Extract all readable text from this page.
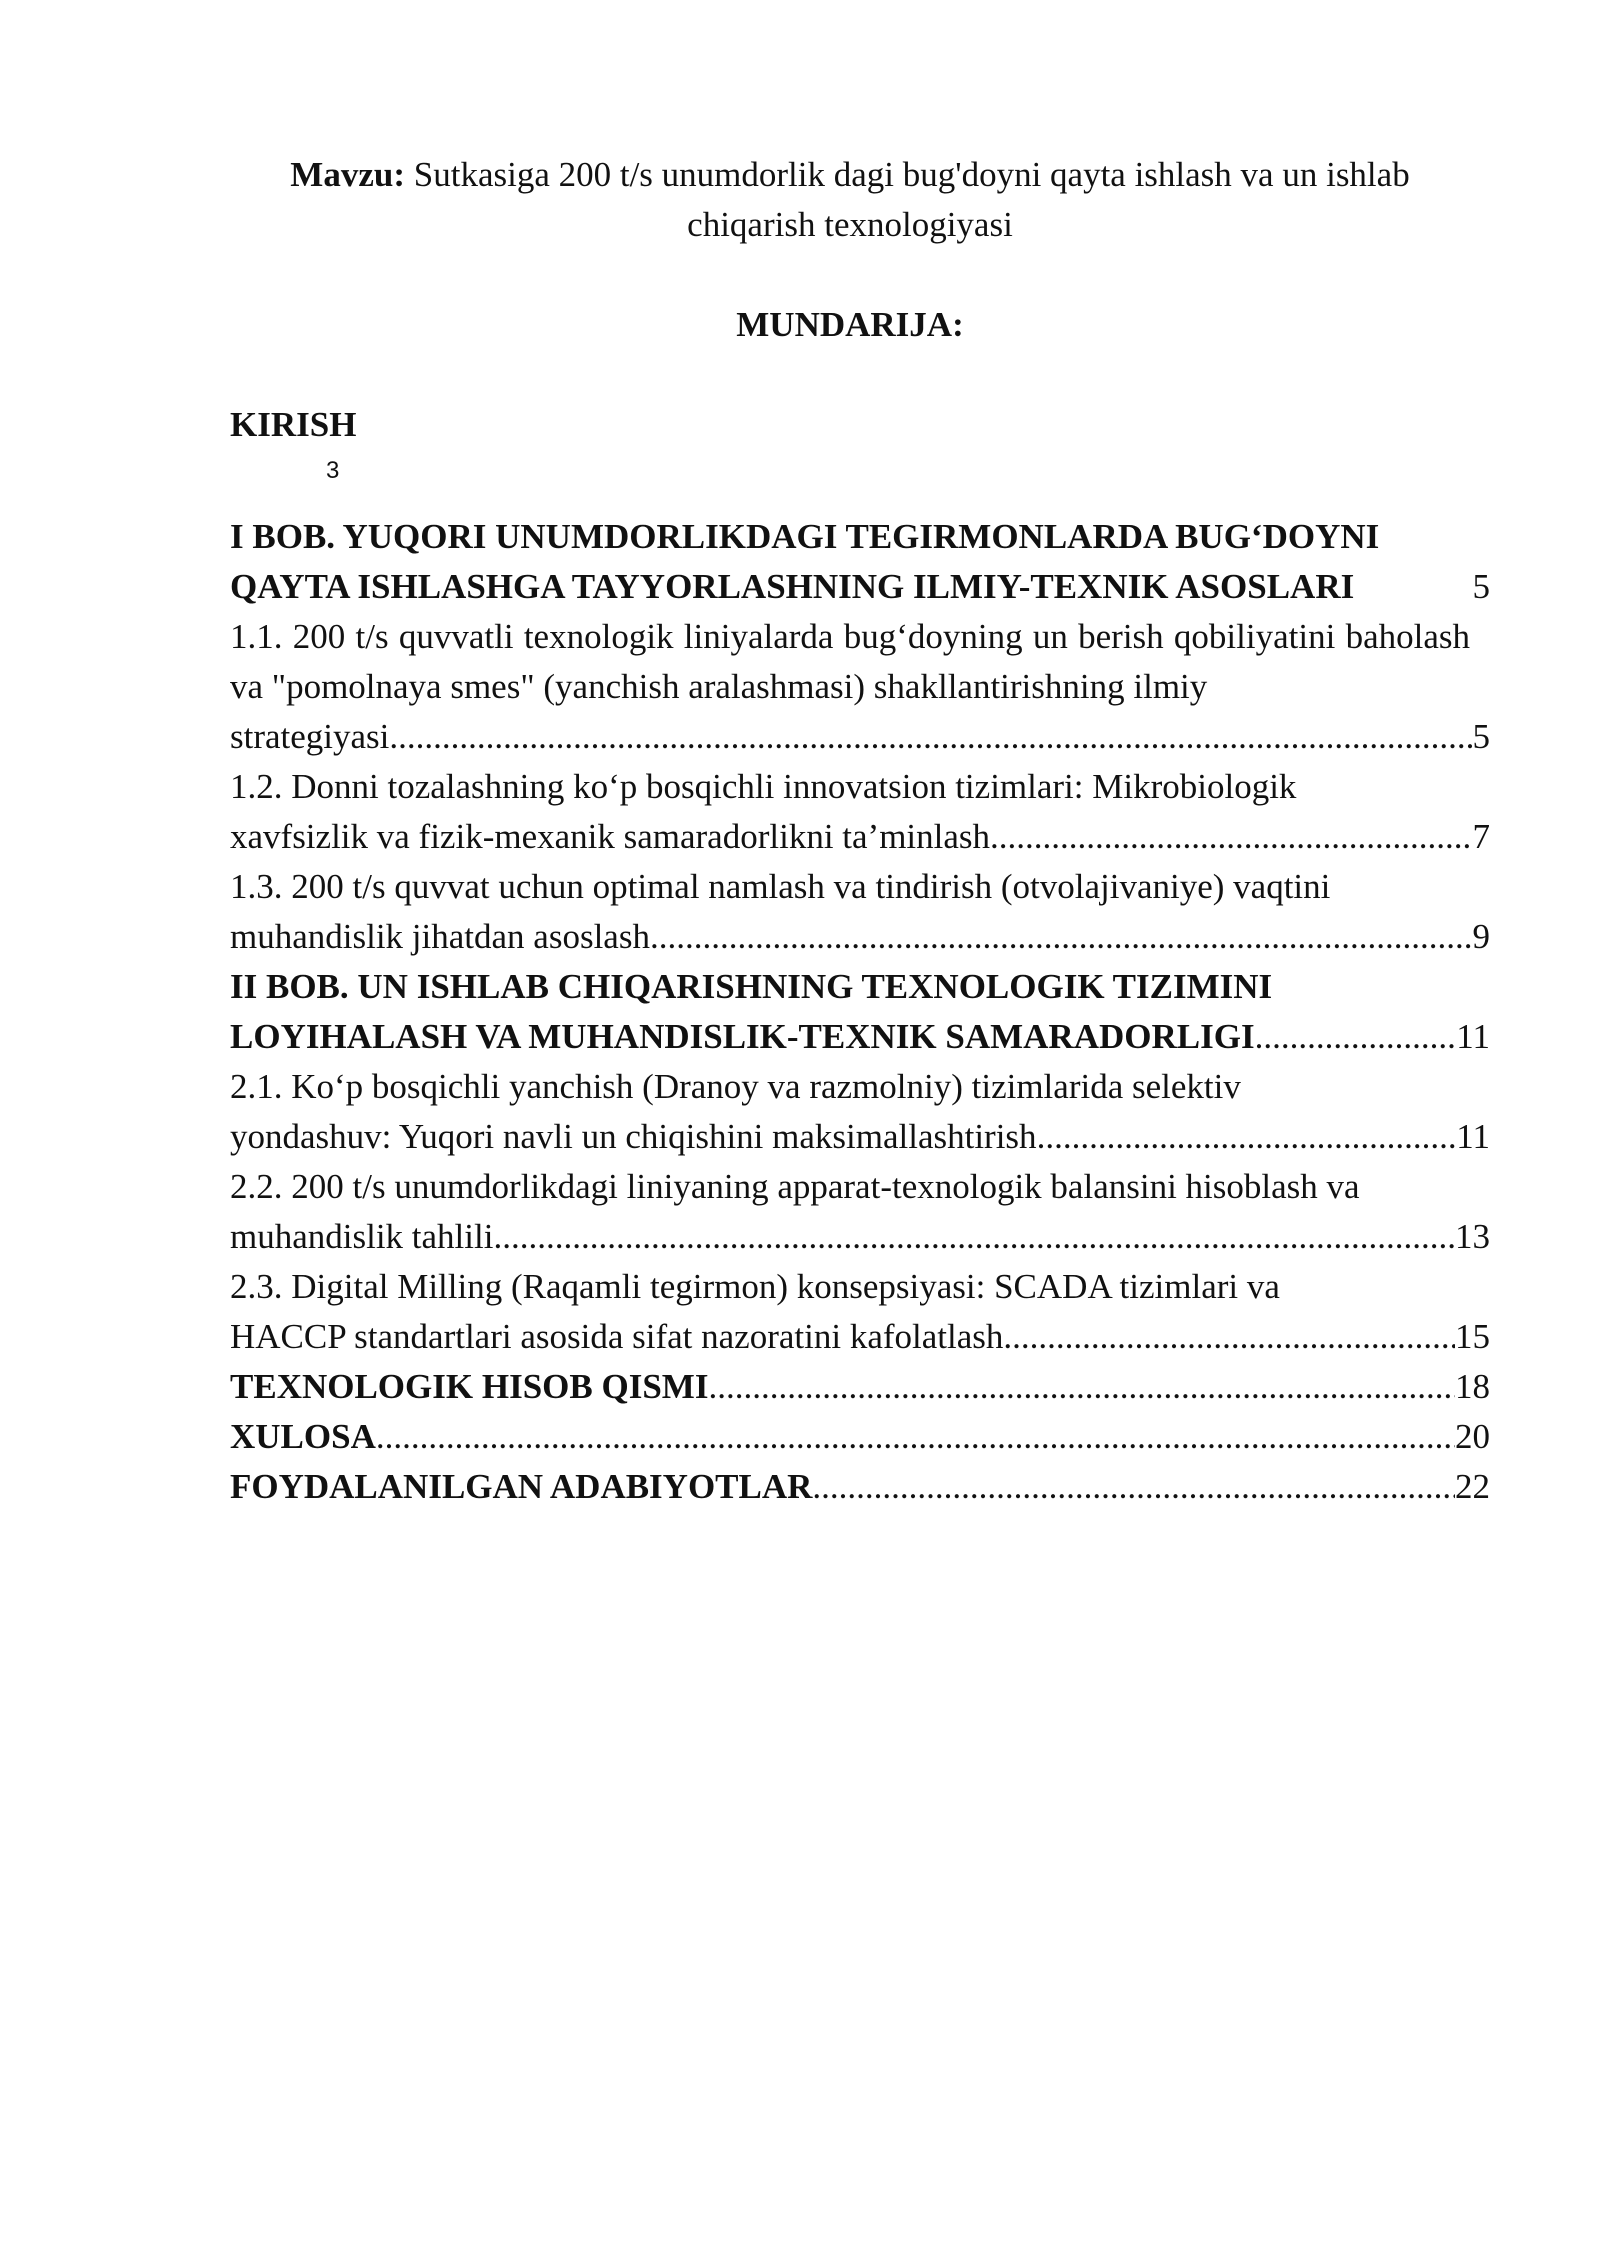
Mavzu: Sutkasiga 200 t/s unumdorlik dagi bug'doyni qayta ishlash va un ishlab chiqarish texnologiyasi
MUNDARIJA:
KIRISH
3
I BOB. YUQORI UNUMDORLIKDAGI TEGIRMONLARDA BUG‘DOYNI
QAYTA ISHLASHGA TAYYORLASHNING ILMIY-TEXNIK ASOSLARI	5
1.1. 200 t/s quvvatli texnologik liniyalarda bug‘doyning un berish qobiliyatini baholash va "pomolnaya smes" (yanchish aralashmasi) shakllantirishning ilmiy
strategiyasi .....	5
1.2. Donni tozalashning ko‘p bosqichli innovatsion tizimlari: Mikrobiologik
xavfsizlik va fizik-mexanik samaradorlikni ta’minlash .....	7
1.3. 200 t/s quvvat uchun optimal namlash va tindirish (otvolajivaniye) vaqtini
muhandislik jihatdan asoslash .....	9
II BOB. UN ISHLAB CHIQARISHNING TEXNOLOGIK TIZIMINI
LOYIHALASH VA MUHANDISLIK-TEXNIK SAMARADORLIGI .....	11
2.1. Ko‘p bosqichli yanchish (Dranoy va razmolniy) tizimlarida selektiv
yondashuv: Yuqori navli un chiqishini maksimallashtirish .....	11
2.2. 200 t/s unumdorlikdagi liniyaning apparat-texnologik balansini hisoblash va
muhandislik tahlili .....	13
2.3. Digital Milling (Raqamli tegirmon) konsepsiyasi: SCADA tizimlari va
HACCP standartlari asosida sifat nazoratini kafolatlash .....	15
TEXNOLOGIK HISOB QISMI .....	18
XULOSA .....	20
FOYDALANILGAN ADABIYOTLAR .....	22
